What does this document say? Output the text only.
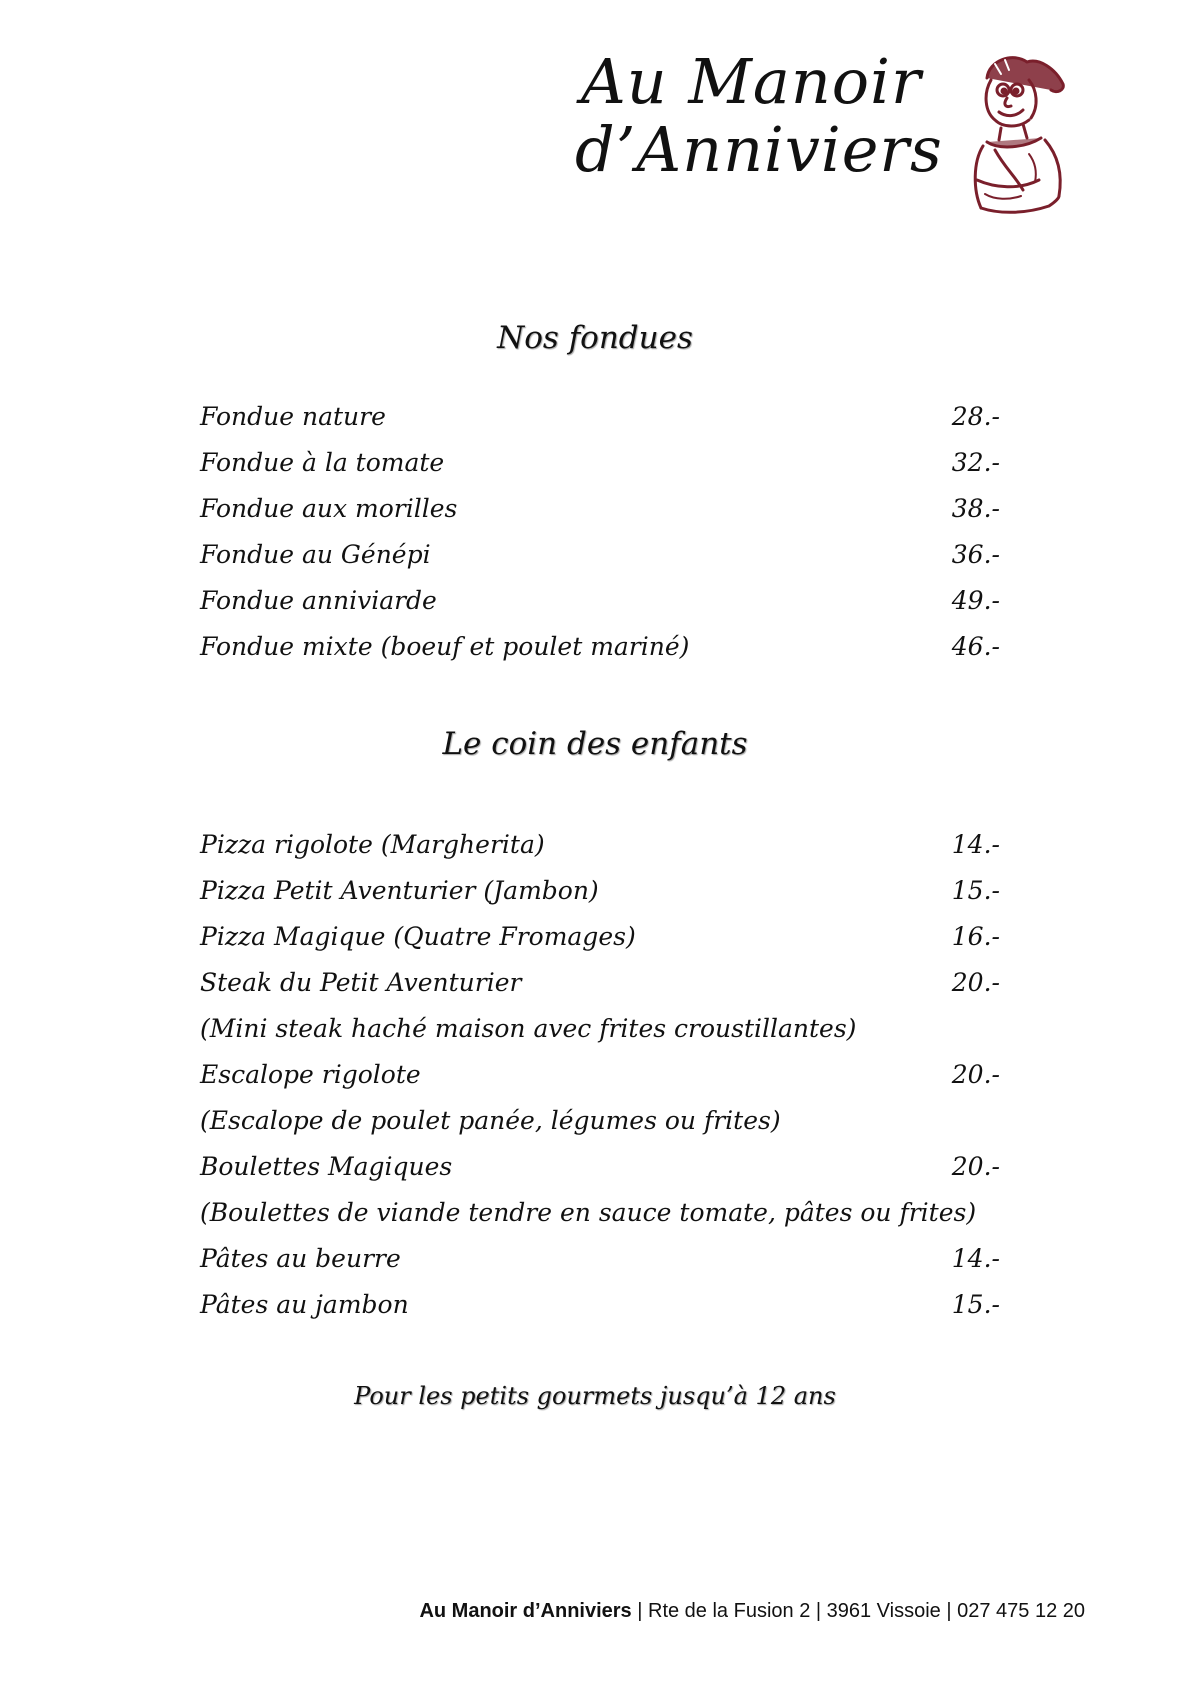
Au Manoir
d’Anniviers
Nos fondues
Fondue nature	28.-
Fondue à la tomate	32.-
Fondue aux morilles	38.-
Fondue au Génépi	36.-
Fondue anniviarde	49.-
Fondue mixte (boeuf et poulet mariné)	46.-
Le coin des enfants
Pizza rigolote (Margherita)	14.-
Pizza Petit Aventurier (Jambon)	15.-
Pizza Magique (Quatre Fromages)	16.-
Steak du Petit Aventurier	20.-
(Mini steak haché maison avec frites croustillantes)
Escalope rigolote	20.-
(Escalope de poulet panée, légumes ou frites)
Boulettes Magiques	20.-
(Boulettes de viande tendre en sauce tomate, pâtes ou frites)
Pâtes au beurre	14.-
Pâtes au jambon	15.-
Pour les petits gourmets jusqu’à 12 ans
Au Manoir d’Anniviers | Rte de la Fusion 2 | 3961 Vissoie | 027 475 12 20
